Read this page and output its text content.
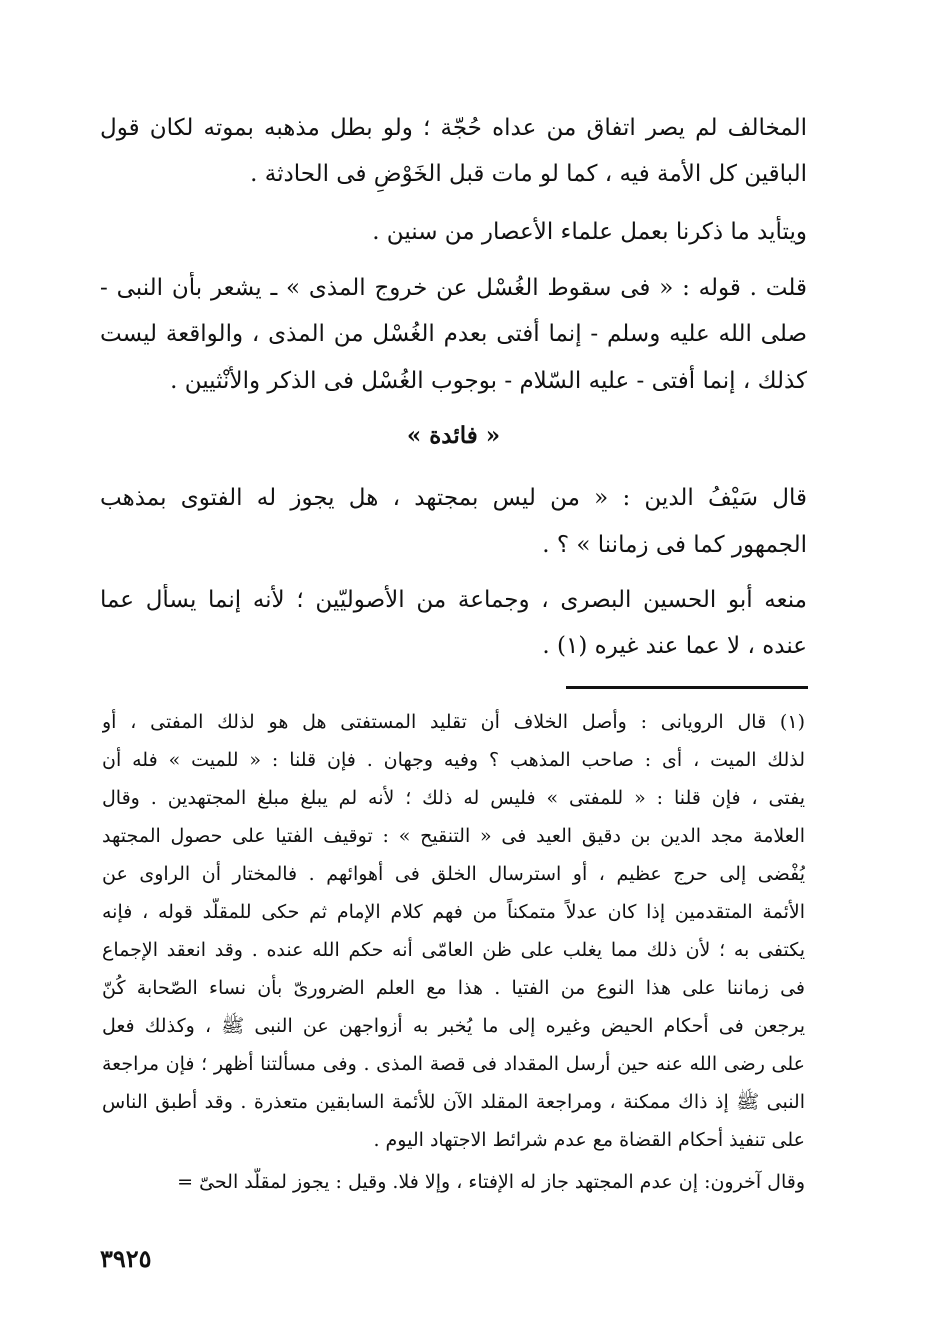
المخالف لم يصر اتفاق من عداه حُجّة ؛ ولو بطل مذهبه بموته لكان قول
الباقين كل الأمة فيه ، كما لو مات قبل الخَوْضِ فى الحادثة .
ويتأيد ما ذكرنا بعمل علماء الأعصار من سنين .
قلت . قوله : « فى سقوط الغُسْل عن خروج المذى » ـ يشعر بأن النبى -
صلى الله عليه وسلم - إنما أفتى بعدم الغُسْل من المذى ، والواقعة ليست
كذلك ، إنما أفتى - عليه السّلام - بوجوب الغُسْل فى الذكر والأُنْثيين .
« فائدة »
قال سَيْفُ الدين : « من ليس بمجتهد ، هل يجوز له الفتوى بمذهب
الجمهور كما فى زماننا » ؟ .
منعه أبو الحسين البصرى ، وجماعة من الأصوليّين ؛ لأنه إنما يسأل عما
عنده ، لا عما عند غيره (١) .
(١) قال الرويانى : وأصل الخلاف أن تقليد المستفتى هل هو لذلك المفتى ، أو
لذلك الميت ، أى : صاحب المذهب ؟ وفيه وجهان . فإن قلنا : « للميت » فله أن
يفتى ، فإن قلنا : « للمفتى » فليس له ذلك ؛ لأنه لم يبلغ مبلغ المجتهدين . وقال
العلامة مجد الدين بن دقيق العيد فى « التنقيح » : توقيف الفتيا على حصول المجتهد
يُفْضى إلى حرج عظيم ، أو استرسال الخلق فى أهوائهم . فالمختار أن الراوى عن
الأئمة المتقدمين إذا كان عدلاً متمكناً من فهم كلام الإمام ثم حكى للمقلّد قوله ، فإنه
يكتفى به ؛ لأن ذلك مما يغلب على ظن العامّى أنه حكم الله عنده . وقد انعقد الإجماع
فى زماننا على هذا النوع من الفتيا . هذا مع العلم الضرورىّ بأن نساء الصّحابة كُنّ
يرجعن فى أحكام الحيض وغيره إلى ما يُخبر به أزواجهن عن النبى ﷺ ، وكذلك فعل
على رضى الله عنه حين أرسل المقداد فى قصة المذى . وفى مسألتنا أظهر ؛ فإن مراجعة
النبى ﷺ إذ ذاك ممكنة ، ومراجعة المقلد الآن للأئمة السابقين متعذرة . وقد أطبق الناس
على تنفيذ أحكام القضاة مع عدم شرائط الاجتهاد اليوم .
وقال آخرون: إن عدم المجتهد جاز له الإفتاء ، وإلا فلا. وقيل : يجوز لمقلّد الحىّ =
٣٩٢٥
